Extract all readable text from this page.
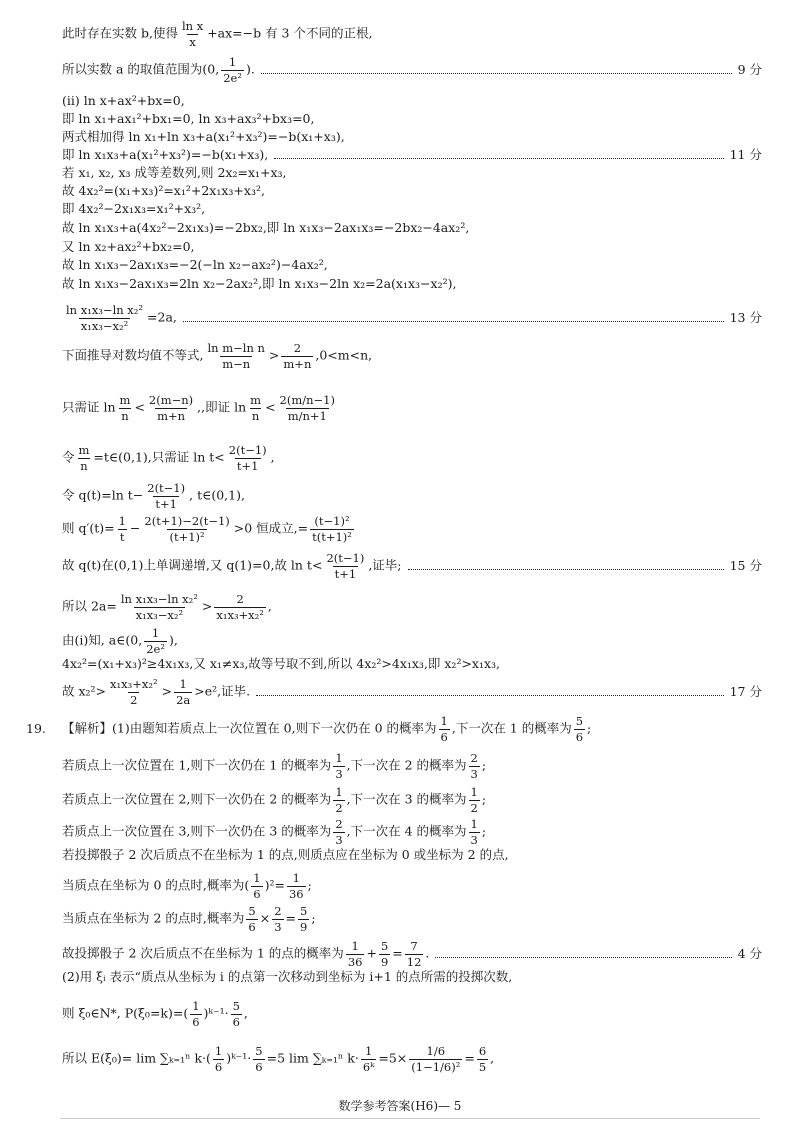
此时存在实数 b,使得 $\frac{\text{ln x}}{x} +ax=-b$ 有 3 个不同的正根,
所以实数 a 的取值范围为(0, $\frac{1}{\text{2e²}}$ ).	9 分
(ⅱ) ln x+ax²+bx=0,
即 ln x₁+ax₁²+bx₁=0, ln x₃+ax₃²+bx₃=0,
两式相加得 ln x₁+ln x₃+a(x₁²+x₃²)=−b(x₁+x₃),
即 ln x₁x₃+a(x₁²+x₃²)=−b(x₁+x₃),	11 分
若 x₁, x₂, x₃ 成等差数列,则 2x₂=x₁+x₃,
故 4x₂²=(x₁+x₃)²=x₁²+2x₁x₃+x₃²,
即 4x₂²−2x₁x₃=x₁²+x₃²,
故 ln x₁x₃+a(4x₂²−2x₁x₃)=−2bx₂,即 ln x₁x₃−2ax₁x₃=−2bx₂−4ax₂²,
又 ln x₂+ax₂²+bx₂=0,
故 ln x₁x₃−2ax₁x₃=−2(−ln x₂−ax₂²)−4ax₂²,
故 ln x₁x₃−2ax₁x₃=2ln x₂−2ax₂²,即 ln x₁x₃−2ln x₂=2a(x₁x₃−x₂²),
$\frac{\text{ln x₁x₃−ln x₂²}}{\text{x₁x₃−x₂²}} =2a$,	13 分
下面推导对数均值不等式, $\frac{\text{ln m−ln n}}{m-n} > \frac{2}{m+n} ,0<m<n$,
只需证 $\ln \frac{m}{n} < \frac{2(m-n)}{m+n}$ ,,即证 $\ln \frac{m}{n} < \frac{2(m/n-1)}{m/n+1}$
令 $\frac{m}{n}$ =t∈(0,1),只需证 $\ln t< \frac{2(t-1)}{t+1}$ ,
令 q(t)=ln $t- \frac{2(t-1)}{t+1}$ , t∈(0,1),
则 $q'(t)= \frac{1}{t} - \frac{2(t+1)-2(t-1)}{\text{(t+1)²}} >0$ 恒成立,= $\frac{\text{(t−1)²}}{\text{t(t+1)²}}$
故 q(t)在(0,1)上单调递增,又 q(1)=0,故 $\ln t< \frac{2(t-1)}{t+1}$ ,证毕;	15 分
所以 $2a= \frac{\text{ln x₁x₃−ln x₂²}}{\text{x₁x₃−x₂²}} > \frac{2}{\text{x₁x₃+x₂²}}$ ,
由(ⅰ)知, a∈(0, $\frac{1}{\text{2e²}}$ ),
4x₂²=(x₁+x₃)²≥4x₁x₃,又 x₁≠x₃,故等号取不到,所以 4x₂²>4x₁x₃,即 x₂²>x₁x₃,
故 $x_2^2> \frac{\text{x₁x₃+x₂²}}{2} > \frac{1}{2a} >e^2$,证毕.	17 分
19. 【解析】(1)由题知若质点上一次位置在 0,则下一次仍在 0 的概率为 $\frac{1}{6}$ ,下一次在 1 的概率为 $\frac{5}{6}$ ;
若质点上一次位置在 1,则下一次仍在 1 的概率为 $\frac{1}{3}$ ,下一次在 2 的概率为 $\frac{2}{3}$ ;
若质点上一次位置在 2,则下一次仍在 2 的概率为 $\frac{1}{2}$ ,下一次在 3 的概率为 $\frac{1}{2}$ ;
若质点上一次位置在 3,则下一次仍在 3 的概率为 $\frac{2}{3}$ ,下一次在 4 的概率为 $\frac{1}{3}$ ;
若投掷骰子 2 次后质点不在坐标为 1 的点,则质点应在坐标为 0 或坐标为 2 的点,
当质点在坐标为 0 的点时,概率为( $\frac{1}{6} )^2= \frac{1}{36}$ ;
当质点在坐标为 2 的点时,概率为 $\frac{5}{6} \times \frac{2}{3} = \frac{5}{9}$ ;
故投掷骰子 2 次后质点不在坐标为 1 的点的概率为 $\frac{1}{36} + \frac{5}{9} = \frac{7}{12}$ .	4 分
(2)用 ξᵢ 表示“质点从坐标为 i 的点第一次移动到坐标为 i+1 的点所需的投掷次数,
则 ξ₀∈N*, $P(\xi_0=k)=( \frac{1}{6}$ )ᵏ⁻¹· $\frac{5}{6}$ ,
所以 E(ξ₀)= lim ∑ₖ₌₁ⁿ $k\cdot( \frac{1}{6}$ )ᵏ⁻¹· $\frac{5}{6} =5$ lim ∑ₖ₌₁ⁿ $k\cdot \frac{1}{\text{6ᵏ}} =5\times \frac{1/6}{\text{(1−1/6)²}} = \frac{6}{5}$ ,
数学参考答案(H6)— 5
